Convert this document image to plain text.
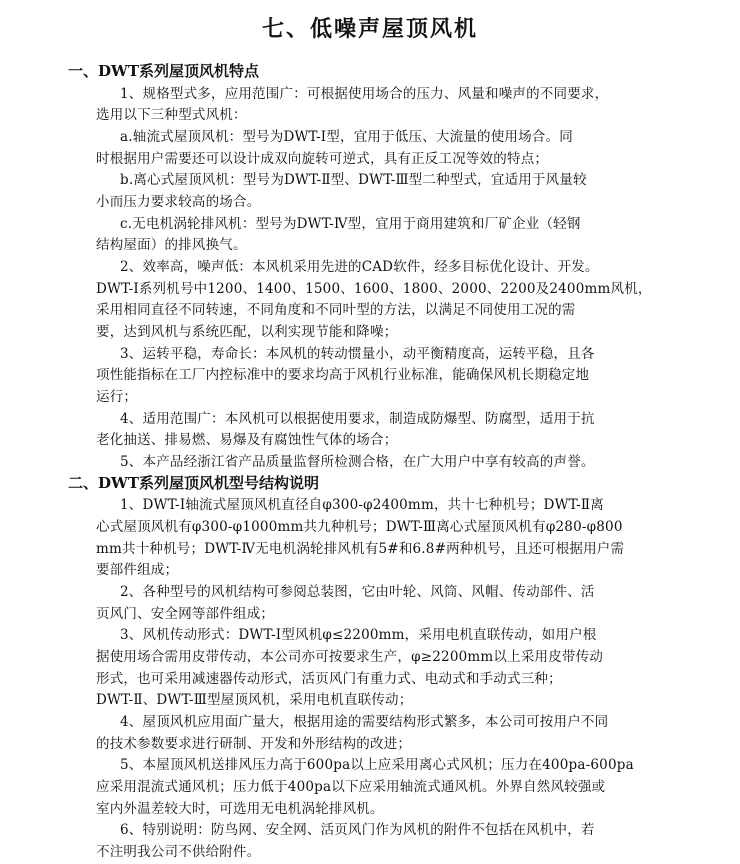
七、低噪声屋顶风机
一、DWT系列屋顶风机特点
1、规格型式多，应用范围广：可根据使用场合的压力、风量和噪声的不同要求，
选用以下三种型式风机：
a.轴流式屋顶风机：型号为DWT-Ⅰ型，宜用于低压、大流量的使用场合。同
时根据用户需要还可以设计成双向旋转可逆式，具有正反工况等效的特点；
b.离心式屋顶风机：型号为DWT-Ⅱ型、DWT-Ⅲ型二种型式，宜适用于风量较
小而压力要求较高的场合。
c.无电机涡轮排风机：型号为DWT-Ⅳ型，宜用于商用建筑和厂矿企业（轻钢
结构屋面）的排风换气。
2、效率高，噪声低：本风机采用先进的CAD软件，经多目标优化设计、开发。
DWT-Ⅰ系列机号中1200、1400、1500、1600、1800、2000、2200及2400mm风机，
采用相同直径不同转速，不同角度和不同叶型的方法，以满足不同使用工况的需
要，达到风机与系统匹配，以利实现节能和降噪；
3、运转平稳，寿命长：本风机的转动惯量小，动平衡精度高，运转平稳，且各
项性能指标在工厂内控标准中的要求均高于风机行业标准，能确保风机长期稳定地
运行；
4、适用范围广：本风机可以根据使用要求，制造成防爆型、防腐型，适用于抗
老化抽送、排易燃、易爆及有腐蚀性气体的场合；
5、本产品经浙江省产品质量监督所检测合格，在广大用户中享有较高的声誉。
二、DWT系列屋顶风机型号结构说明
1、DWT-Ⅰ轴流式屋顶风机直径自φ300-φ2400mm，共十七种机号；DWT-Ⅱ离
心式屋顶风机有φ300-φ1000mm共九种机号；DWT-Ⅲ离心式屋顶风机有φ280-φ800
mm共十种机号；DWT-Ⅳ无电机涡轮排风机有5#和6.8#两种机号，且还可根据用户需
要部件组成；
2、各种型号的风机结构可参阅总装图，它由叶轮、风筒、风帽、传动部件、活
页风门、安全网等部件组成；
3、风机传动形式：DWT-Ⅰ型风机φ≤2200mm，采用电机直联传动，如用户根
据使用场合需用皮带传动，本公司亦可按要求生产，φ≥2200mm以上采用皮带传动
形式，也可采用减速器传动形式，活页风门有重力式、电动式和手动式三种；
DWT-Ⅱ、DWT-Ⅲ型屋顶风机，采用电机直联传动；
4、屋顶风机应用面广量大，根据用途的需要结构形式繁多，本公司可按用户不同
的技术参数要求进行研制、开发和外形结构的改进；
5、本屋顶风机送排风压力高于600pa以上应采用离心式风机；压力在400pa-600pa
应采用混流式通风机；压力低于400pa以下应采用轴流式通风机。外界自然风较强或
室内外温差较大时，可选用无电机涡轮排风机。
6、特别说明：防鸟网、安全网、活页风门作为风机的附件不包括在风机中，若
不注明我公司不供给附件。
